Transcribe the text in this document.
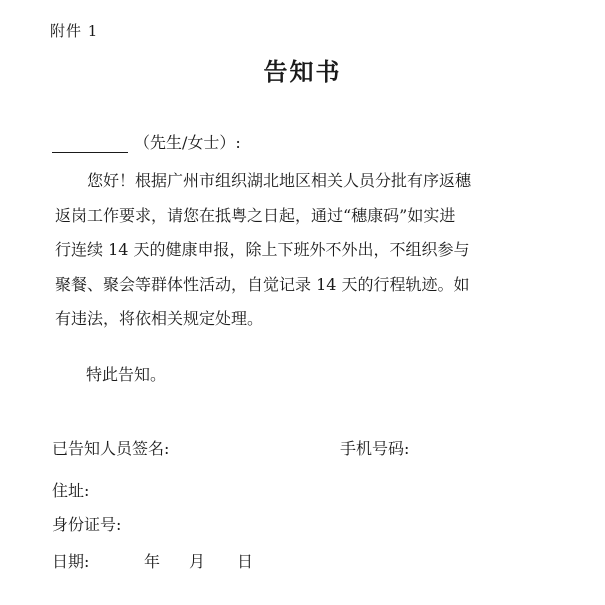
附件 1
告知书
（先生/女士）:
　　您好！根据广州市组织湖北地区相关人员分批有序返穗
返岗工作要求，请您在抵粤之日起，通过“穗康码”如实进
行连续 14 天的健康申报，除上下班外不外出，不组织参与
聚餐、聚会等群体性活动，自觉记录 14 天的行程轨迹。如
有违法，将依相关规定处理。
特此告知。
已告知人员签名:	手机号码:
住址:
身份证号:
日期:	年 月 日
